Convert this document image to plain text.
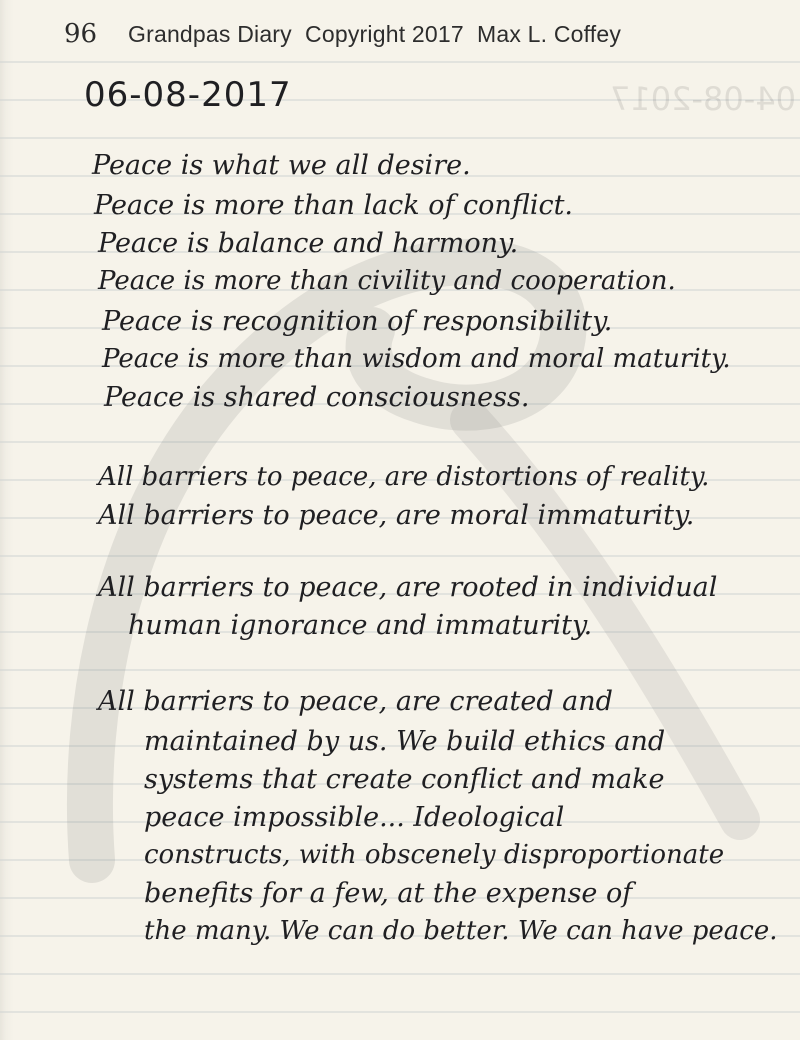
04-08-2017
96	Grandpas Diary  Copyright 2017  Max L. Coffey
06-08-2017
Peace is what we all desire.
Peace is more than lack of conflict.
Peace is balance and harmony.
Peace is more than civility and cooperation.
Peace is recognition of responsibility.
Peace is more than wisdom and moral maturity.
Peace is shared consciousness.
All barriers to peace, are distortions of reality.
All barriers to peace, are moral immaturity.
All barriers to peace, are rooted in individual
human ignorance and immaturity.
All barriers to peace, are created and
maintained by us. We build ethics and
systems that create conflict and make
peace impossible... Ideological
constructs, with obscenely disproportionate
benefits for a few, at the expense of
the many. We can do better. We can have peace.
